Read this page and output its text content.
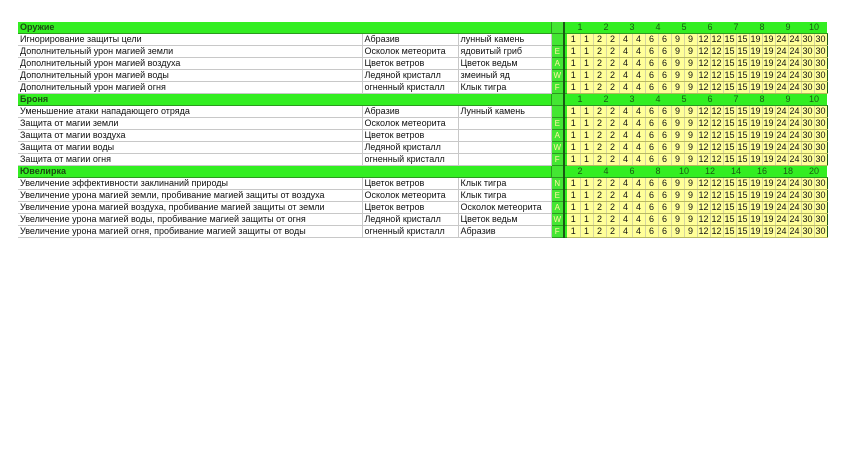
Оружие					1		2		3		4		5		6		7		8		9		10	
Игнорирование защиты цели	Абразив	лунный камень			1	1	2	2	4	4	6	6	9	9	12	12	15	15	19	19	24	24	30	30
Дополнительный урон магией земли	Осколок метеорита	ядовитый гриб	E		1	1	2	2	4	4	6	6	9	9	12	12	15	15	19	19	24	24	30	30
Дополнительный урон магией воздуха	Цветок ветров	Цветок ведьм	A		1	1	2	2	4	4	6	6	9	9	12	12	15	15	19	19	24	24	30	30
Дополнительный урон магией воды	Ледяной кристалл	змеиный яд	W		1	1	2	2	4	4	6	6	9	9	12	12	15	15	19	19	24	24	30	30
Дополнительный урон магией огня	огненный кристалл	Клык тигра	F		1	1	2	2	4	4	6	6	9	9	12	12	15	15	19	19	24	24	30	30
Броня					1		2		3		4		5		6		7		8		9		10	
Уменьшение атаки нападающего отряда	Абразив	Лунный камень			1	1	2	2	4	4	6	6	9	9	12	12	15	15	19	19	24	24	30	30
Защита от магии земли	Осколок метеорита		E		1	1	2	2	4	4	6	6	9	9	12	12	15	15	19	19	24	24	30	30
Защита от магии воздуха	Цветок ветров		A		1	1	2	2	4	4	6	6	9	9	12	12	15	15	19	19	24	24	30	30
Защита от магии воды	Ледяной кристалл		W		1	1	2	2	4	4	6	6	9	9	12	12	15	15	19	19	24	24	30	30
Защита от магии огня	огненный кристалл		F		1	1	2	2	4	4	6	6	9	9	12	12	15	15	19	19	24	24	30	30
Ювелирка					2		4		6		8		10		12		14		16		18		20	
Увеличение эффективности заклинаний природы	Цветок ветров	Клык тигра	N		1	1	2	2	4	4	6	6	9	9	12	12	15	15	19	19	24	24	30	30
Увеличение урона магией земли, пробивание магией защиты от воздуха	Осколок метеорита	Клык тигра	E		1	1	2	2	4	4	6	6	9	9	12	12	15	15	19	19	24	24	30	30
Увеличение урона магией воздуха, пробивание магией защиты от земли	Цветок ветров	Осколок метеорита	A		1	1	2	2	4	4	6	6	9	9	12	12	15	15	19	19	24	24	30	30
Увеличение урона магией воды, пробивание магией защиты от огня	Ледяной кристалл	Цветок ведьм	W		1	1	2	2	4	4	6	6	9	9	12	12	15	15	19	19	24	24	30	30
Увеличение урона магией огня, пробивание магией защиты от воды	огненный кристалл	Абразив	F		1	1	2	2	4	4	6	6	9	9	12	12	15	15	19	19	24	24	30	30
